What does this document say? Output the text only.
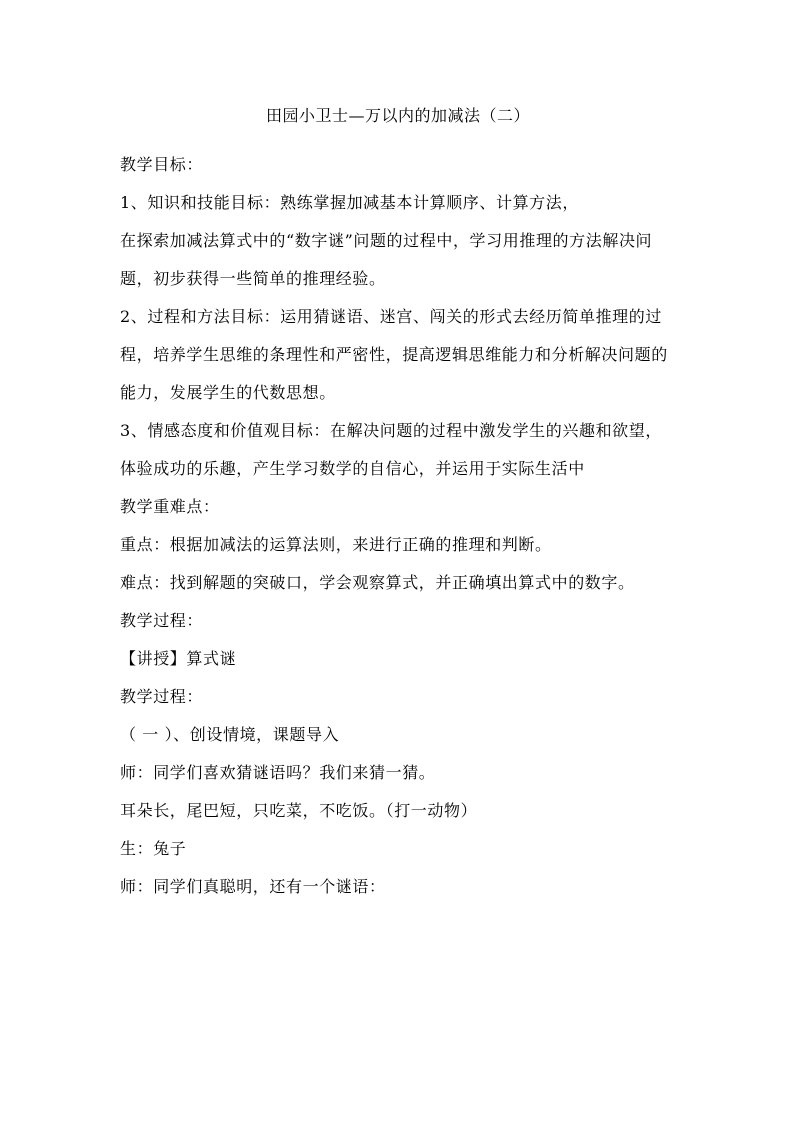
田园小卫士—万以内的加减法（二）

教学目标：

1、知识和技能目标：熟练掌握加减基本计算顺序、计算方法，

在探索加减法算式中的“数字谜”问题的过程中，学习用推理的方法解决问题，初步获得一些简单的推理经验。

2、过程和方法目标：运用猜谜语、迷宫、闯关的形式去经历简单推理的过程，培养学生思维的条理性和严密性，提高逻辑思维能力和分析解决问题的能力，发展学生的代数思想。

3、情感态度和价值观目标：在解决问题的过程中激发学生的兴趣和欲望，体验成功的乐趣，产生学习数学的自信心，并运用于实际生活中

教学重难点：

重点：根据加减法的运算法则，来进行正确的推理和判断。

难点：找到解题的突破口，学会观察算式，并正确填出算式中的数字。

教学过程：

【讲授】算式谜

教学过程：

（ 一 ）、创设情境，课题导入

师：同学们喜欢猜谜语吗？我们来猜一猜。

耳朵长，尾巴短，只吃菜，不吃饭。（打一动物）

生：兔子

师：同学们真聪明，还有一个谜语：
